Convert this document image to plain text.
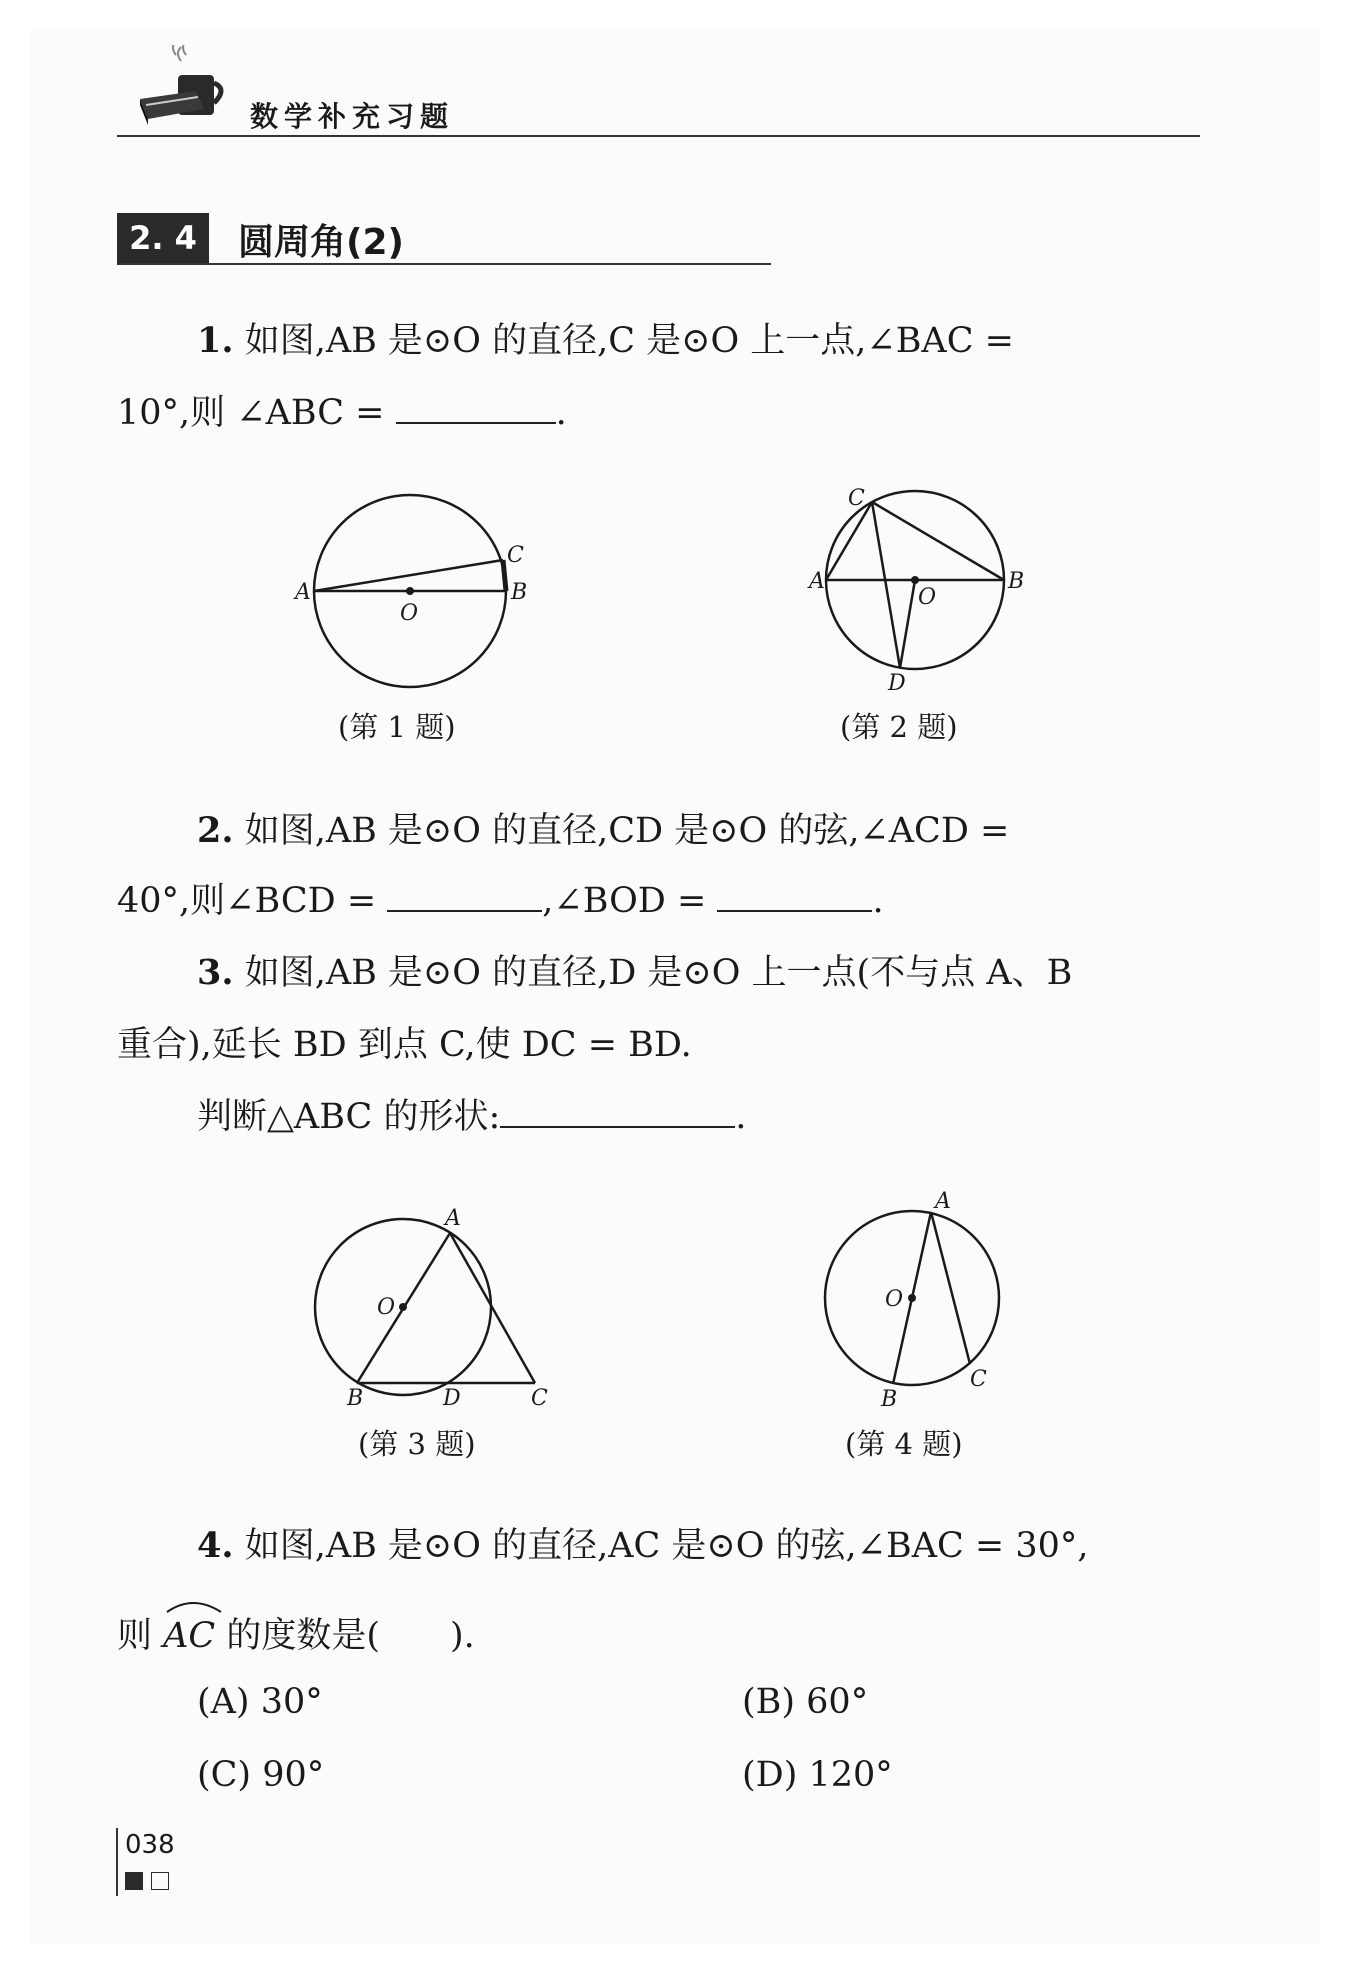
数学补充习题
2. 4	圆周角(2)
1. 如图,AB 是⊙O 的直径,C 是⊙O 上一点,∠BAC =
10°,则 ∠ABC =	.
A	B
C
O
(第 1 题)
A	B
C
D
O
(第 2 题)
2. 如图,AB 是⊙O 的直径,CD 是⊙O 的弦,∠ACD =
40°,则∠BCD =	,∠BOD =	.
3. 如图,AB 是⊙O 的直径,D 是⊙O 上一点(不与点 A、B
重合),延长 BD 到点 C,使 DC = BD.
判断△ABC 的形状:	.
A
B	C
D
O
(第 3 题)
A
B
C
O
(第 4 题)
4. 如图,AB 是⊙O 的直径,AC 是⊙O 的弦,∠BAC = 30°,
则
AC 的度数是(　　).
(A) 30°	(B) 60°
(C) 90°	(D) 120°
038
